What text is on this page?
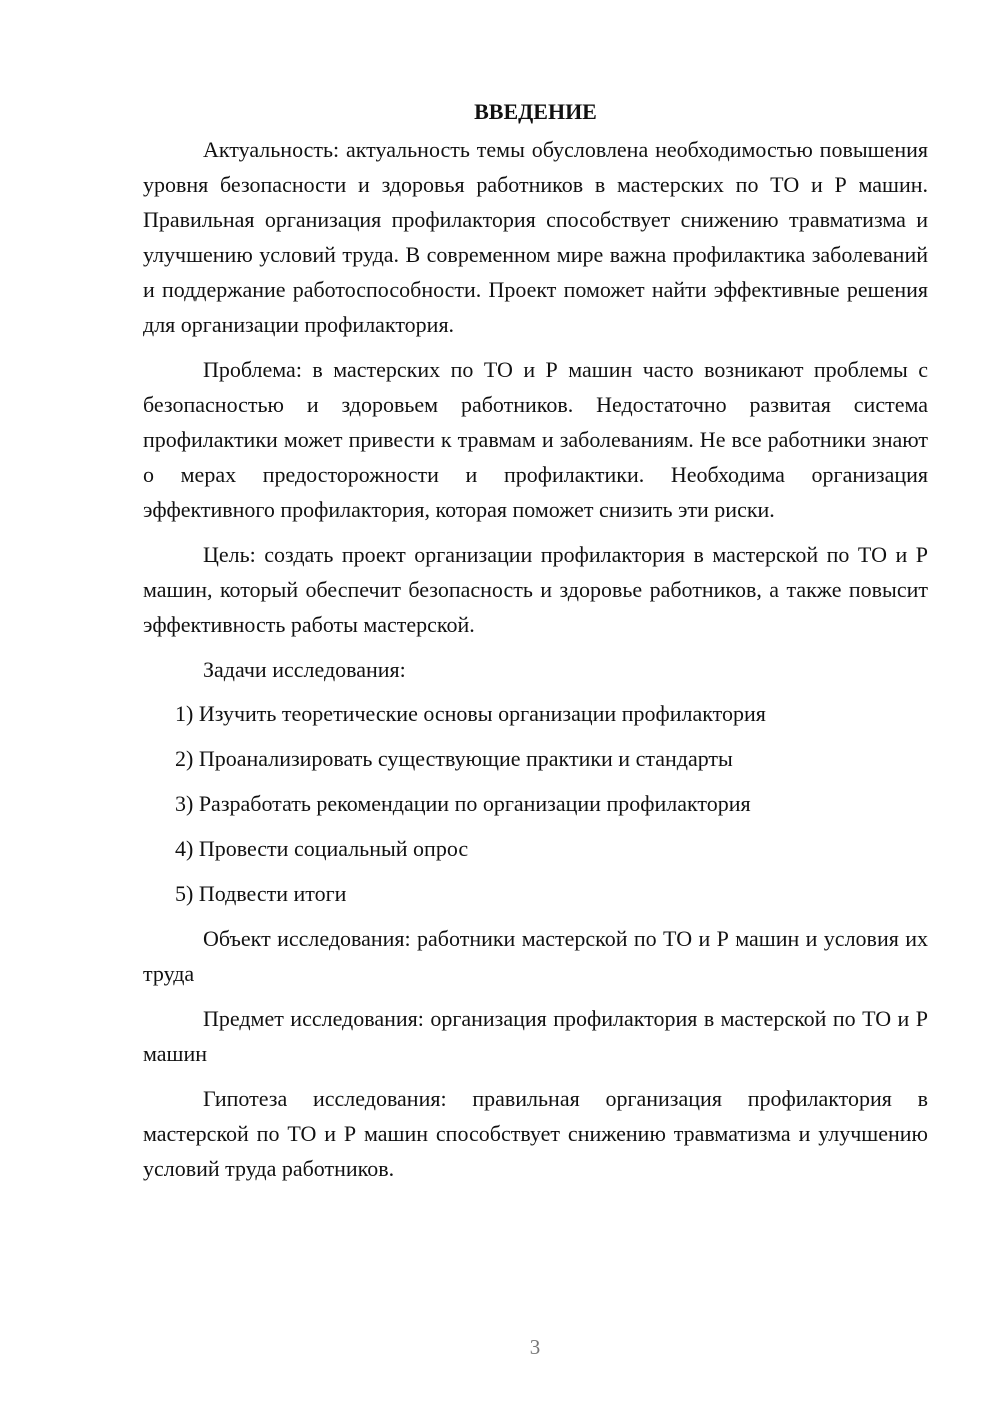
ВВЕДЕНИЕ

Актуальность: актуальность темы обусловлена необходимостью повышения уровня безопасности и здоровья работников в мастерских по ТО и Р машин. Правильная организация профилактория способствует снижению травматизма и улучшению условий труда. В современном мире важна профилактика заболеваний и поддержание работоспособности. Проект поможет найти эффективные решения для организации профилактория.

Проблема: в мастерских по ТО и Р машин часто возникают проблемы с безопасностью и здоровьем работников. Недостаточно развитая система профилактики может привести к травмам и заболеваниям. Не все работники знают о мерах предосторожности и профилактики. Необходима организация эффективного профилактория, которая поможет снизить эти риски.

Цель: создать проект организации профилактория в мастерской по ТО и Р машин, который обеспечит безопасность и здоровье работников, а также повысит эффективность работы мастерской.

Задачи исследования:

1) Изучить теоретические основы организации профилактория

2) Проанализировать существующие практики и стандарты

3) Разработать рекомендации по организации профилактория

4) Провести социальный опрос

5) Подвести итоги

Объект исследования: работники мастерской по ТО и Р машин и условия их труда

Предмет исследования: организация профилактория в мастерской по ТО и Р машин

Гипотеза исследования: правильная организация профилактория в мастерской по ТО и Р машин способствует снижению травматизма и улучшению условий труда работников.

3
